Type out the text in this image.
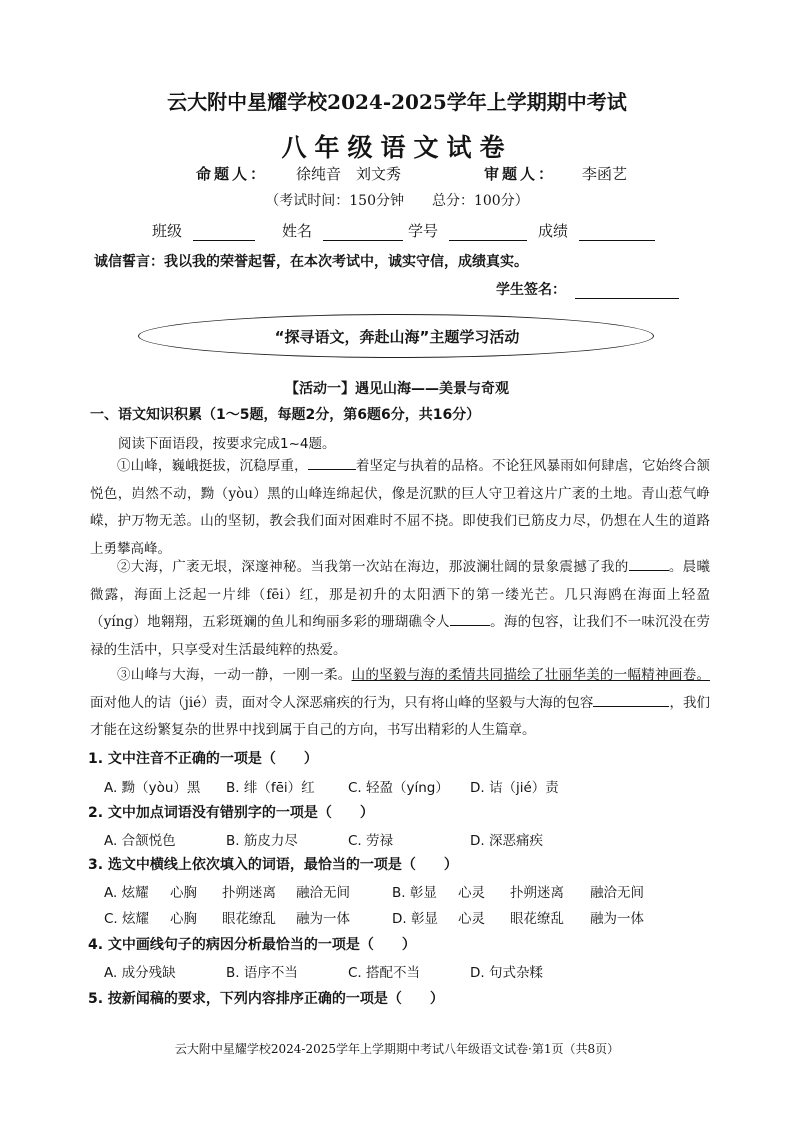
云大附中星耀学校2024-2025学年上学期期中考试
八年级语文试卷
命题人： 徐纯音　刘文秀	审题人： 李函艺
（考试时间：150分钟　　总分：100分）
班级	姓名	学号	成绩
诚信誓言：我以我的荣誉起誓，在本次考试中，诚实守信，成绩真实。
学生签名：
“探寻语文，奔赴山海”主题学习活动
【活动一】遇见山海——美景与奇观
一、语文知识积累（1～5题，每题2分，第6题6分，共16分）
阅读下面语段，按要求完成1~4题。
①山峰，巍峨挺拔，沉稳厚重，	着坚定与执着的品格。不论狂风暴雨如何肆虐，它始终合颔悦色，岿然不动，黝（yòu）黑的山峰连绵起伏，像是沉默的巨人守卫着这片广袤的土地。青山惹气峥嵘，护万物无恙。山的坚韧，教会我们面对困难时不屈不挠。即使我们已筋皮力尽，仍想在人生的道路上勇攀高峰。
②大海，广袤无垠，深邃神秘。当我第一次站在海边，那波澜壮阔的景象震撼了我的	。晨曦微露，海面上泛起一片绯（fēi）红，那是初升的太阳洒下的第一缕光芒。几只海鸥在海面上轻盈（yíng）地翱翔，五彩斑斓的鱼儿和绚丽多彩的珊瑚礁令人	。海的包容，让我们不一味沉没在劳禄的生活中，只享受对生活最纯粹的热爱。
③山峰与大海，一动一静，一刚一柔。山的坚毅与海的柔情共同描绘了壮丽华美的一幅精神画卷。面对他人的诘（jié）责，面对令人深恶痛疾的行为，只有将山峰的坚毅与大海的包容	，我们才能在这纷繁复杂的世界中找到属于自己的方向，书写出精彩的人生篇章。
1. 文中注音不正确的一项是（　　）
A. 黝（yòu）黑 B. 绯（fēi）红 C. 轻盈（yíng） D. 诘（jié）责
2. 文中加点词语没有错别字的一项是（　　）
A. 合颔悦色	B. 筋皮力尽	C. 劳禄	D. 深恶痛疾
3. 选文中横线上依次填入的词语，最恰当的一项是（　　）
A. 炫耀 心胸 扑朔迷离 融洽无间	B. 彰显 心灵 扑朔迷离 融洽无间
C. 炫耀 心胸 眼花缭乱 融为一体	D. 彰显 心灵 眼花缭乱 融为一体
4. 文中画线句子的病因分析最恰当的一项是（　　）
A. 成分残缺	B. 语序不当	C. 搭配不当	D. 句式杂糅
5. 按新闻稿的要求，下列内容排序正确的一项是（　　）
云大附中星耀学校2024-2025学年上学期期中考试八年级语文试卷·第1页（共8页）
